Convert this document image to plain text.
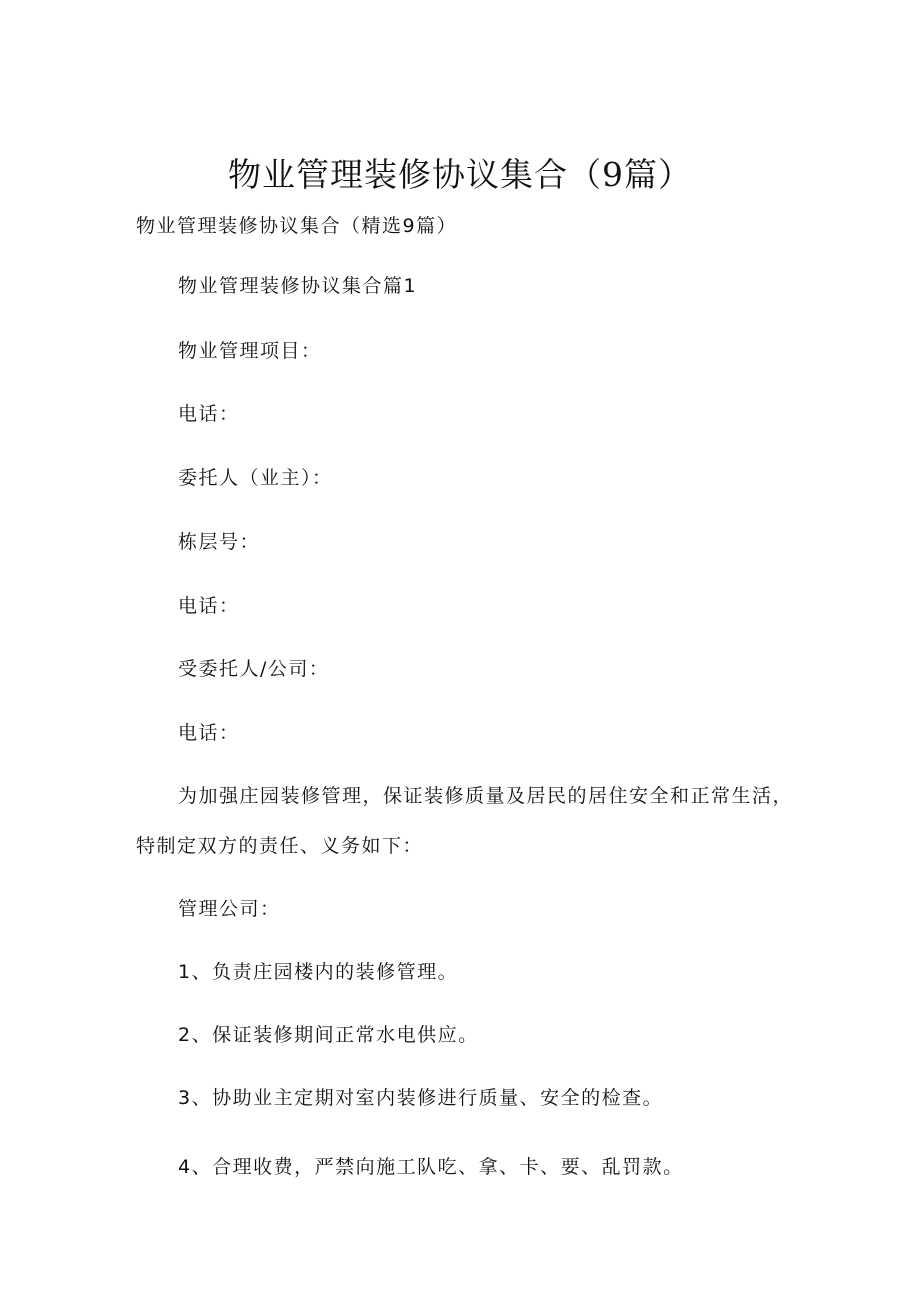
物业管理装修协议集合（9篇）
物业管理装修协议集合（精选9篇）
物业管理装修协议集合篇1
物业管理项目：
电话：
委托人（业主）：
栋层号：
电话：
受委托人/公司：
电话：
为加强庄园装修管理，保证装修质量及居民的居住安全和正常生活，
特制定双方的责任、义务如下：
管理公司：
1、负责庄园楼内的装修管理。
2、保证装修期间正常水电供应。
3、协助业主定期对室内装修进行质量、安全的检查。
4、合理收费，严禁向施工队吃、拿、卡、要、乱罚款。
